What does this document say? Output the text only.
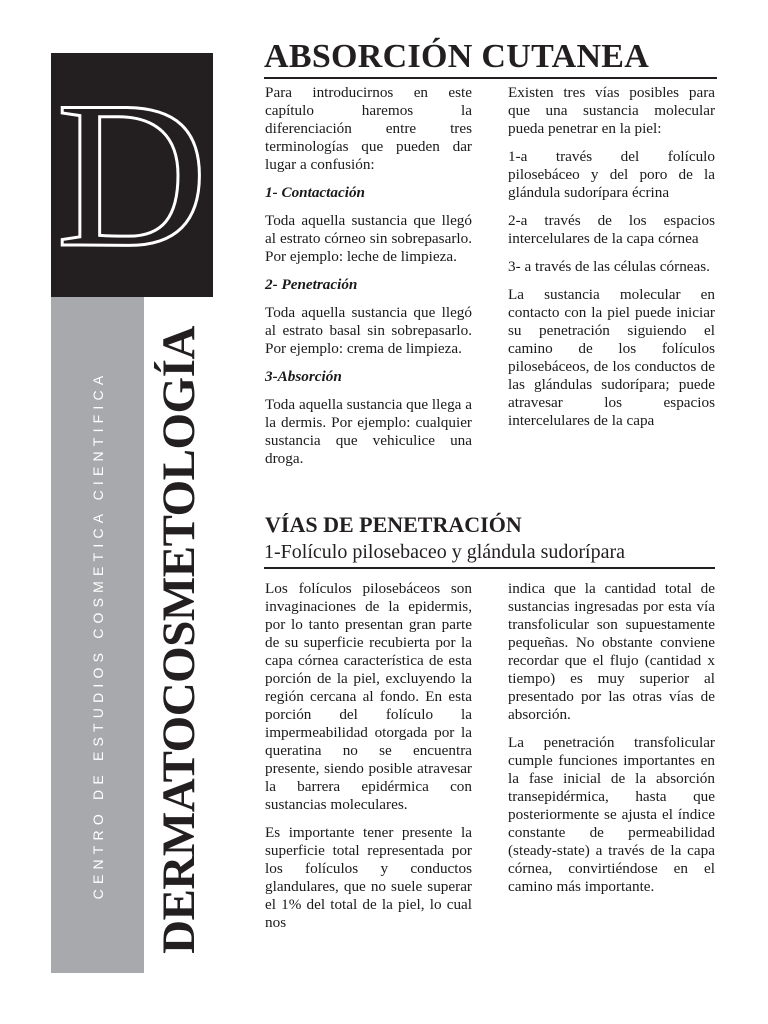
D
CENTRO DE ESTUDIOS COSMETICA CIENTIFICA DERMATOCOSMETOLOGÍA
ABSORCIÓN CUTANEA

Para introducirnos en este capítulo haremos la diferenciación entre tres terminologías que pueden dar lugar a confusión:

1- Contactación

Toda aquella sustancia que llegó al estrato córneo sin sobrepasarlo. Por ejemplo: leche de limpieza.

2- Penetración

Toda aquella sustancia que llegó al estrato basal sin sobrepasarlo. Por ejemplo: crema de limpieza.

3-Absorción

Toda aquella sustancia que llega a la dermis. Por ejemplo: cualquier sustancia que vehiculice una droga.

Existen tres vías posibles para que una sustancia molecular pueda penetrar en la piel:

1-a través del folículo pilosebáceo y del poro de la glándula sudorípara écrina

2-a través de los espacios intercelulares de la capa córnea

3- a través de las células córneas.

La sustancia molecular en contacto con la piel puede iniciar su penetración siguiendo el camino de los folículos pilosebáceos, de los conductos de las glándulas sudorípara; puede atravesar los espacios intercelulares de la capa

VÍAS DE PENETRACIÓN
1-Folículo pilosebaceo y glándula sudorípara

Los folículos pilosebáceos son invaginaciones de la epidermis, por lo tanto presentan gran parte de su superficie recubierta por la capa córnea característica de esta porción de la piel, excluyendo la región cercana al fondo. En esta porción del folículo la impermeabilidad otorgada por la queratina no se encuentra presente, siendo posible atravesar la barrera epidérmica con sustancias moleculares.

Es importante tener presente la superficie total representada por los folículos y conductos glandulares, que no suele superar el 1% del total de la piel, lo cual nos

indica que la cantidad total de sustancias ingresadas por esta vía transfolicular son supuestamente pequeñas. No obstante conviene recordar que el flujo (cantidad x tiempo) es muy superior al presentado por las otras vías de absorción.

La penetración transfolicular cumple funciones importantes en la fase inicial de la absorción transepidérmica, hasta que posteriormente se ajusta el índice constante de permeabilidad (steady-state) a través de la capa córnea, convirtiéndose en el camino más importante.
